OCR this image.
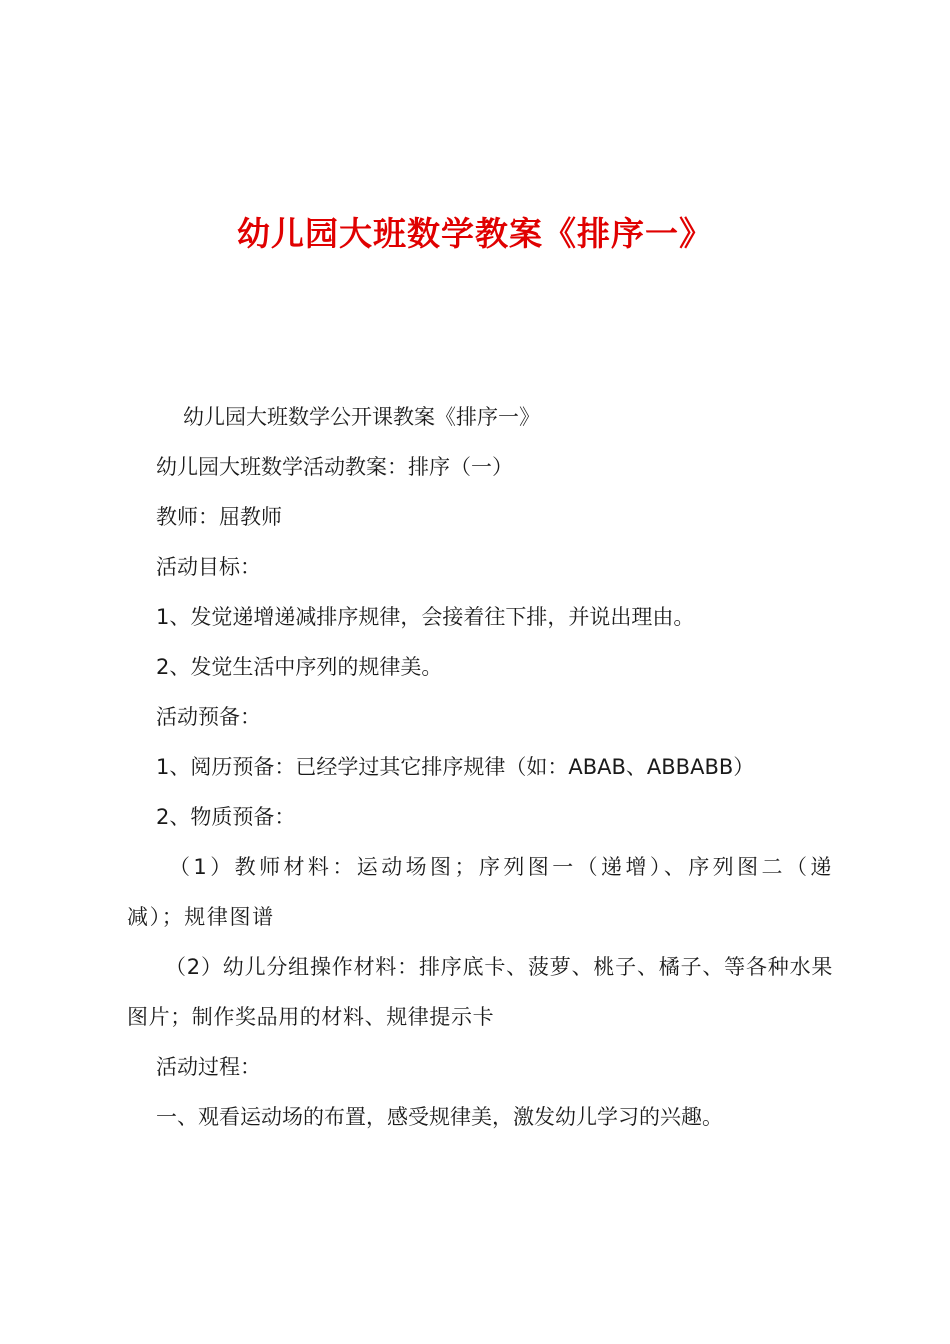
幼儿园大班数学教案《排序一》

幼儿园大班数学公开课教案《排序一》

幼儿园大班数学活动教案：排序（一）

教师：屈教师

活动目标：

1、发觉递增递减排序规律，会接着往下排，并说出理由。

2、发觉生活中序列的规律美。

活动预备：

1、阅历预备：已经学过其它排序规律（如：ABAB、ABBABB）

2、物质预备：

（1）教师材料：运动场图；序列图一（递增）、序列图二（递减）；规律图谱

（2）幼儿分组操作材料：排序底卡、菠萝、桃子、橘子、等各种水果图片；制作奖品用的材料、规律提示卡

活动过程：

一、观看运动场的布置，感受规律美，激发幼儿学习的兴趣。
